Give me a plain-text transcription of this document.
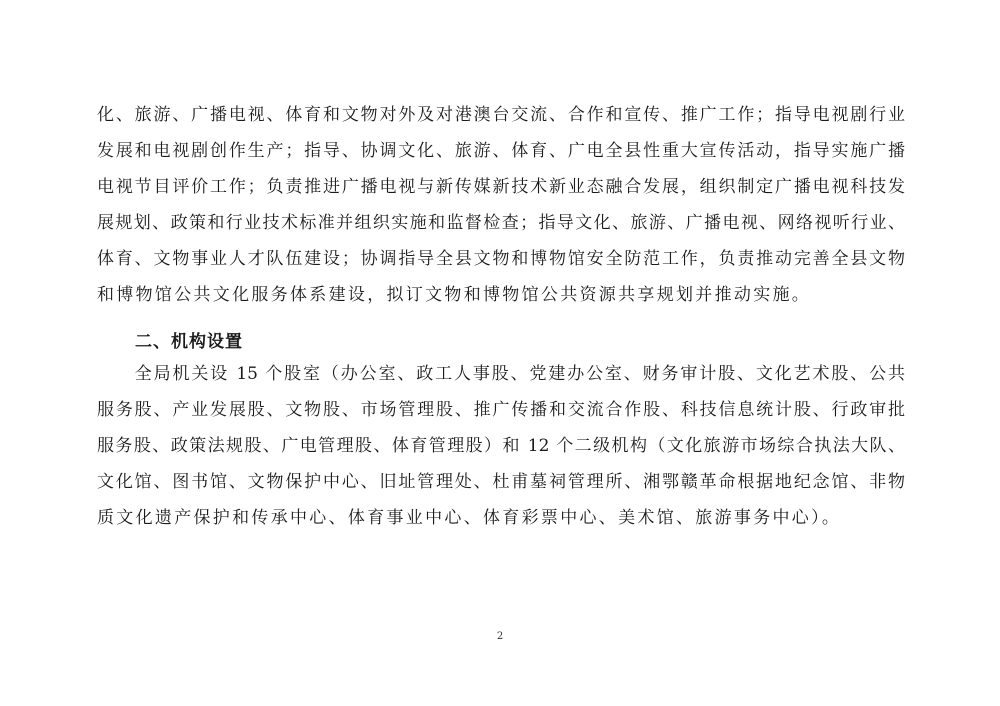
化、旅游、广播电视、体育和文物对外及对港澳台交流、合作和宣传、推广工作；指导电视剧行业
发展和电视剧创作生产；指导、协调文化、旅游、体育、广电全县性重大宣传活动，指导实施广播
电视节目评价工作；负责推进广播电视与新传媒新技术新业态融合发展，组织制定广播电视科技发
展规划、政策和行业技术标准并组织实施和监督检查；指导文化、旅游、广播电视、网络视听行业、
体育、文物事业人才队伍建设；协调指导全县文物和博物馆安全防范工作，负责推动完善全县文物
和博物馆公共文化服务体系建设，拟订文物和博物馆公共资源共享规划并推动实施。
二、机构设置
　　全局机关设 15 个股室（办公室、政工人事股、党建办公室、财务审计股、文化艺术股、公共
服务股、产业发展股、文物股、市场管理股、推广传播和交流合作股、科技信息统计股、行政审批
服务股、政策法规股、广电管理股、体育管理股）和 12 个二级机构（文化旅游市场综合执法大队、
文化馆、图书馆、文物保护中心、旧址管理处、杜甫墓祠管理所、湘鄂赣革命根据地纪念馆、非物
质文化遗产保护和传承中心、体育事业中心、体育彩票中心、美术馆、旅游事务中心）。
2
